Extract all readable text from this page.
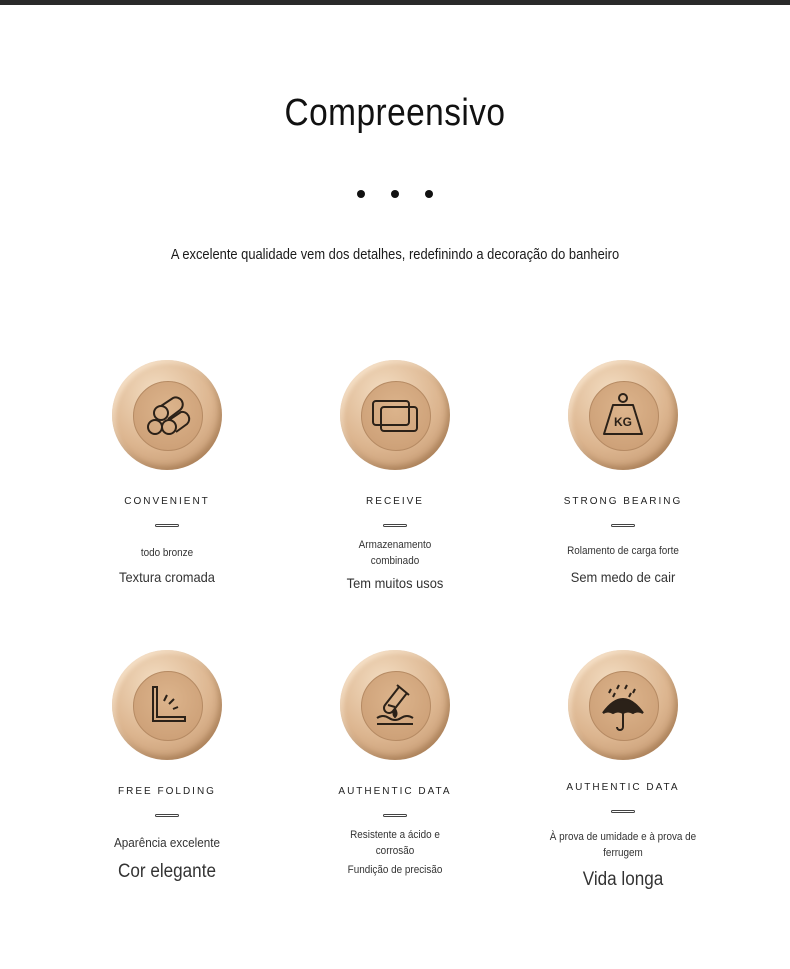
Compreensivo
A excelente qualidade vem dos detalhes, redefinindo a decoração do banheiro
CONVENIENT
todo bronze
Textura cromada
RECEIVE
Armazenamento combinado
Tem muitos usos
KG
STRONG BEARING
Rolamento de carga forte
Sem medo de cair
FREE FOLDING
Aparência excelente
Cor elegante
AUTHENTIC DATA
Resistente a ácido e corrosão
Fundição de precisão
AUTHENTIC DATA
À prova de umidade e à prova de ferrugem
Vida longa
